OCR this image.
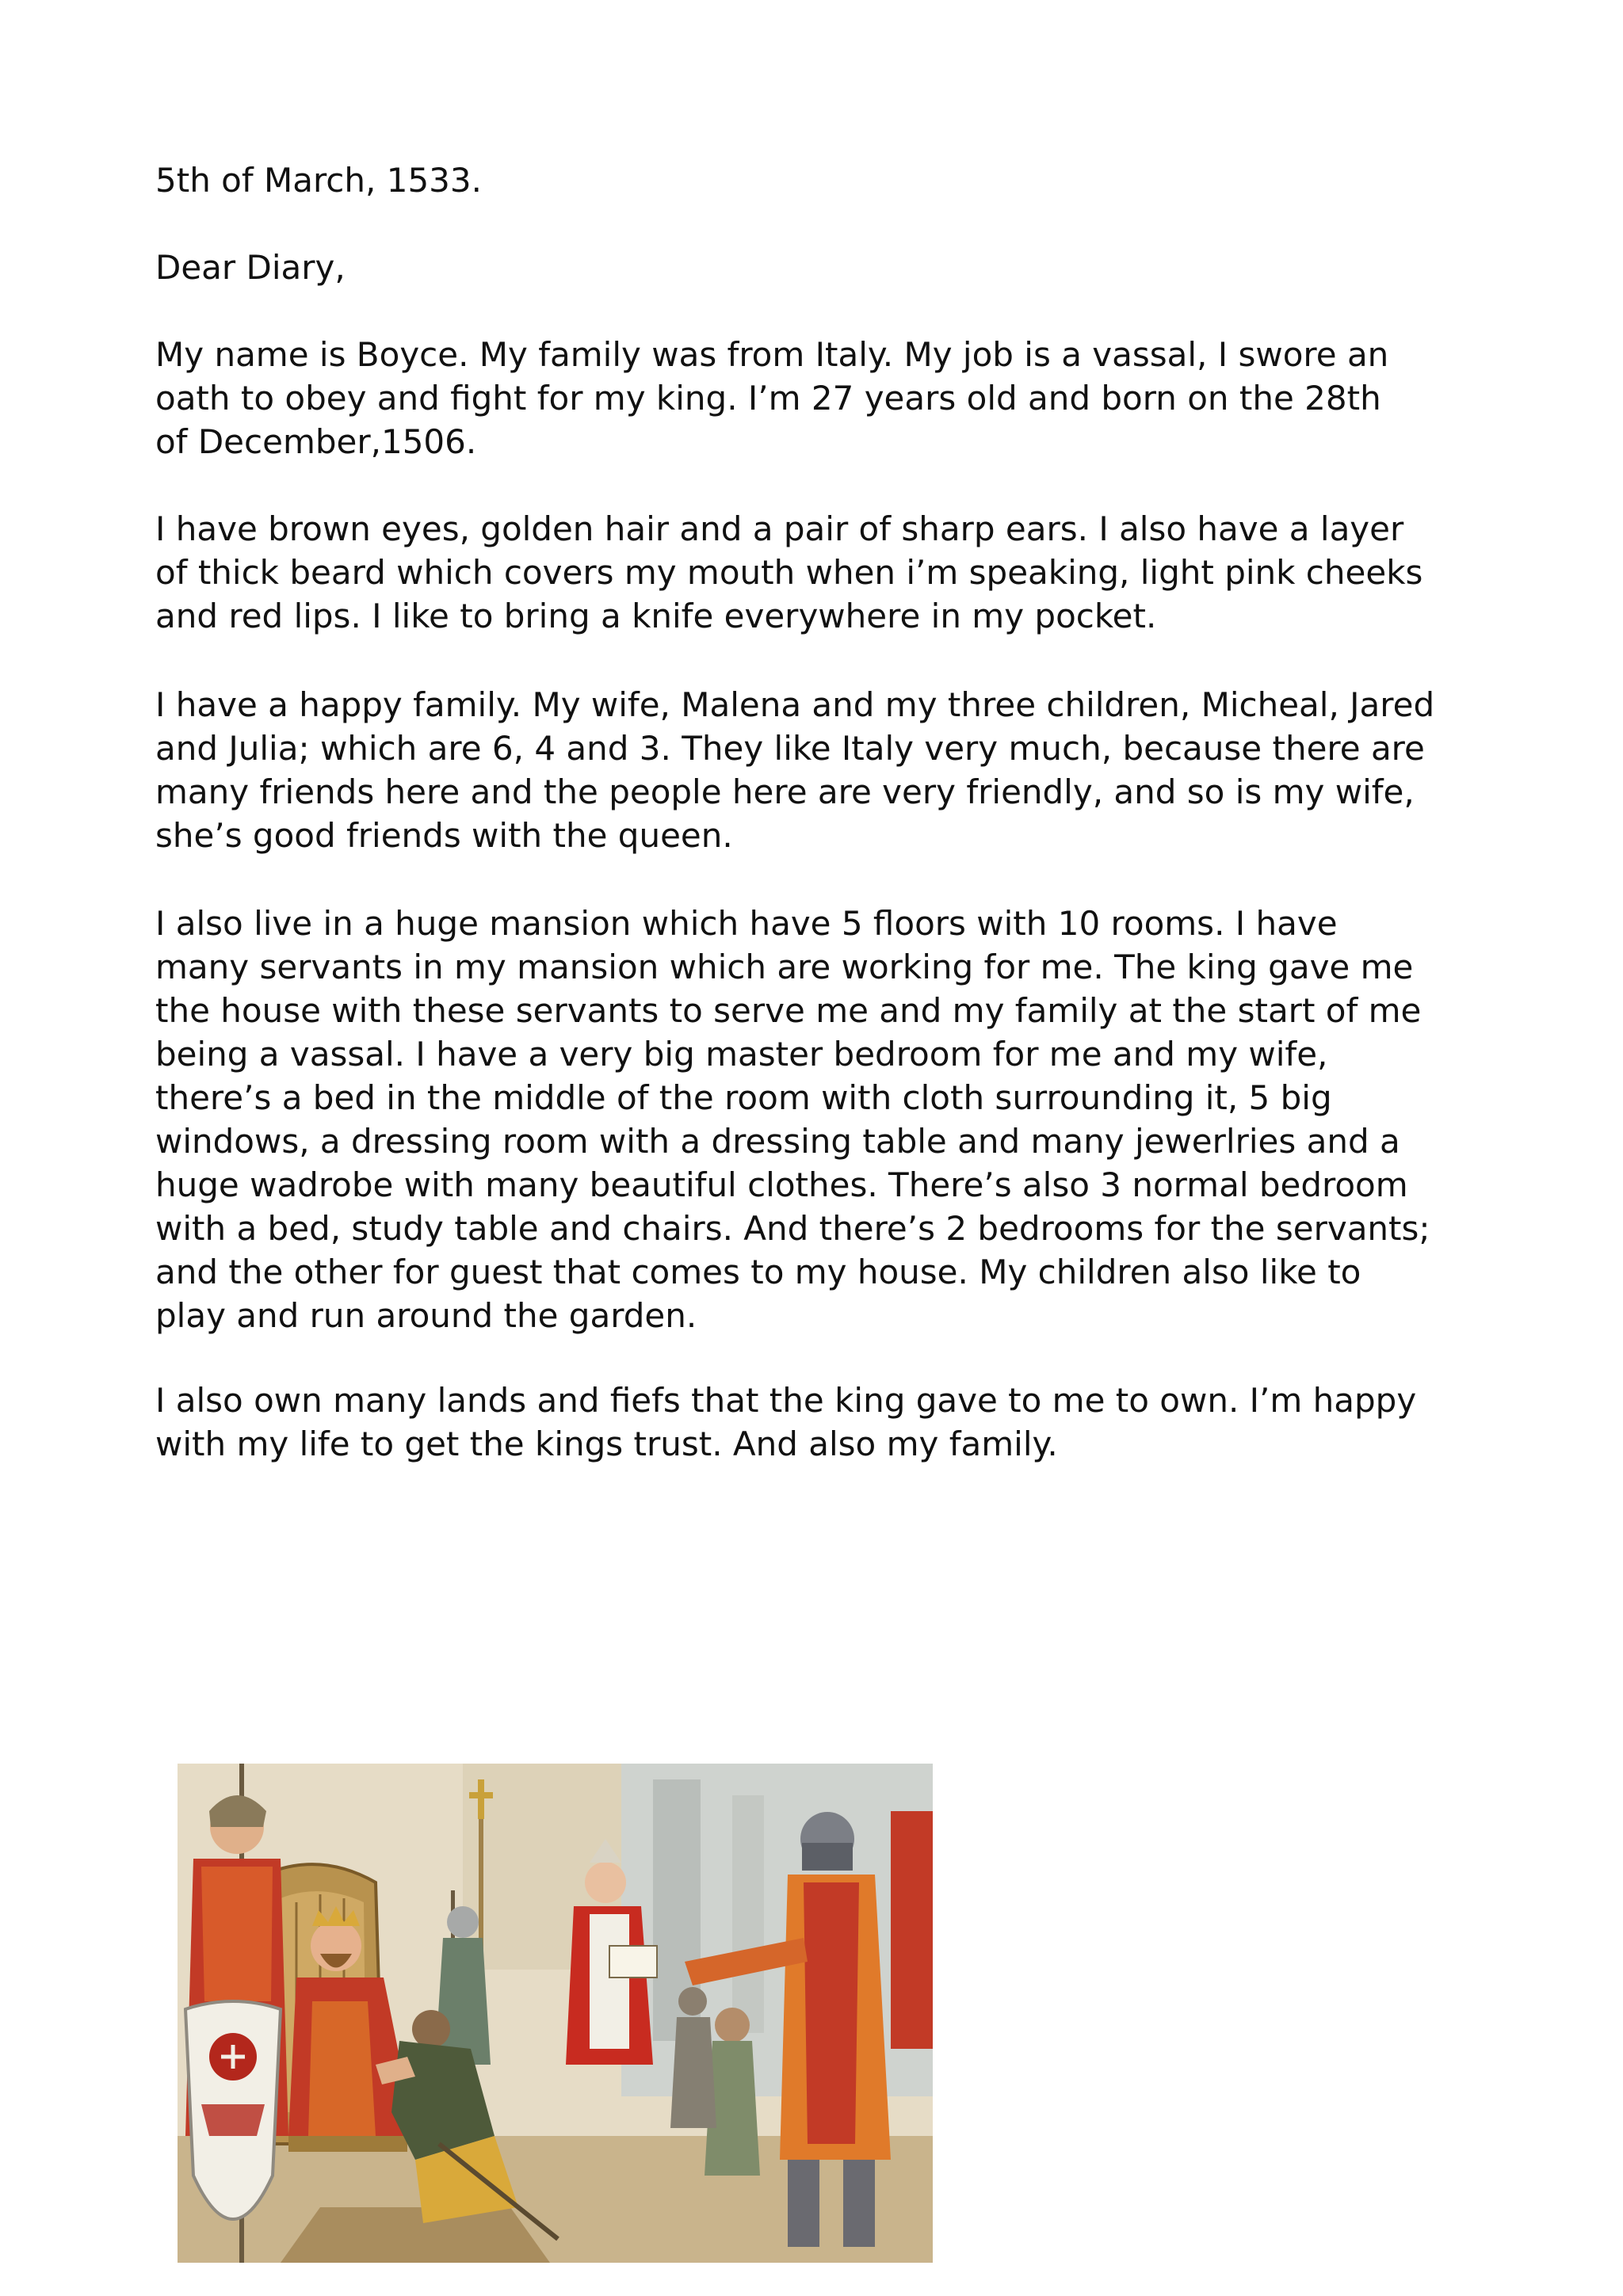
5th of March, 1533.

Dear Diary,

My name is Boyce. My family was from Italy. My job is a vassal, I swore an
oath to obey and fight for my king. I’m 27 years old and born on the 28th
of December,1506.

I have brown eyes, golden hair and a pair of sharp ears. I also have a layer
of thick beard which covers my mouth when i’m speaking, light pink cheeks
and red lips. I like to bring a knife everywhere in my pocket.

I have a happy family. My wife, Malena and my three children, Micheal, Jared
and Julia; which are 6, 4 and 3. They like Italy very much, because there are
many friends here and the people here are very friendly, and so is my wife,
she’s good friends with the queen.

I also live in a huge mansion which have 5 floors with 10 rooms. I have
many servants in my mansion which are working for me. The king gave me
the house with these servants to serve me and my family at the start of me
being a vassal. I have a very big master bedroom for me and my wife,
there’s a bed in the middle of the room with cloth surrounding it, 5 big
windows, a dressing room with a dressing table and many jewerlries and a
huge wadrobe with many beautiful clothes. There’s also 3 normal bedroom
with a bed, study table and chairs. And there’s 2 bedrooms for the servants;
and the other for guest that comes to my house. My children also like to
play and run around the garden.

I also own many lands and fiefs that the king gave to me to own. I’m happy
with my life to get the kings trust. And also my family.
